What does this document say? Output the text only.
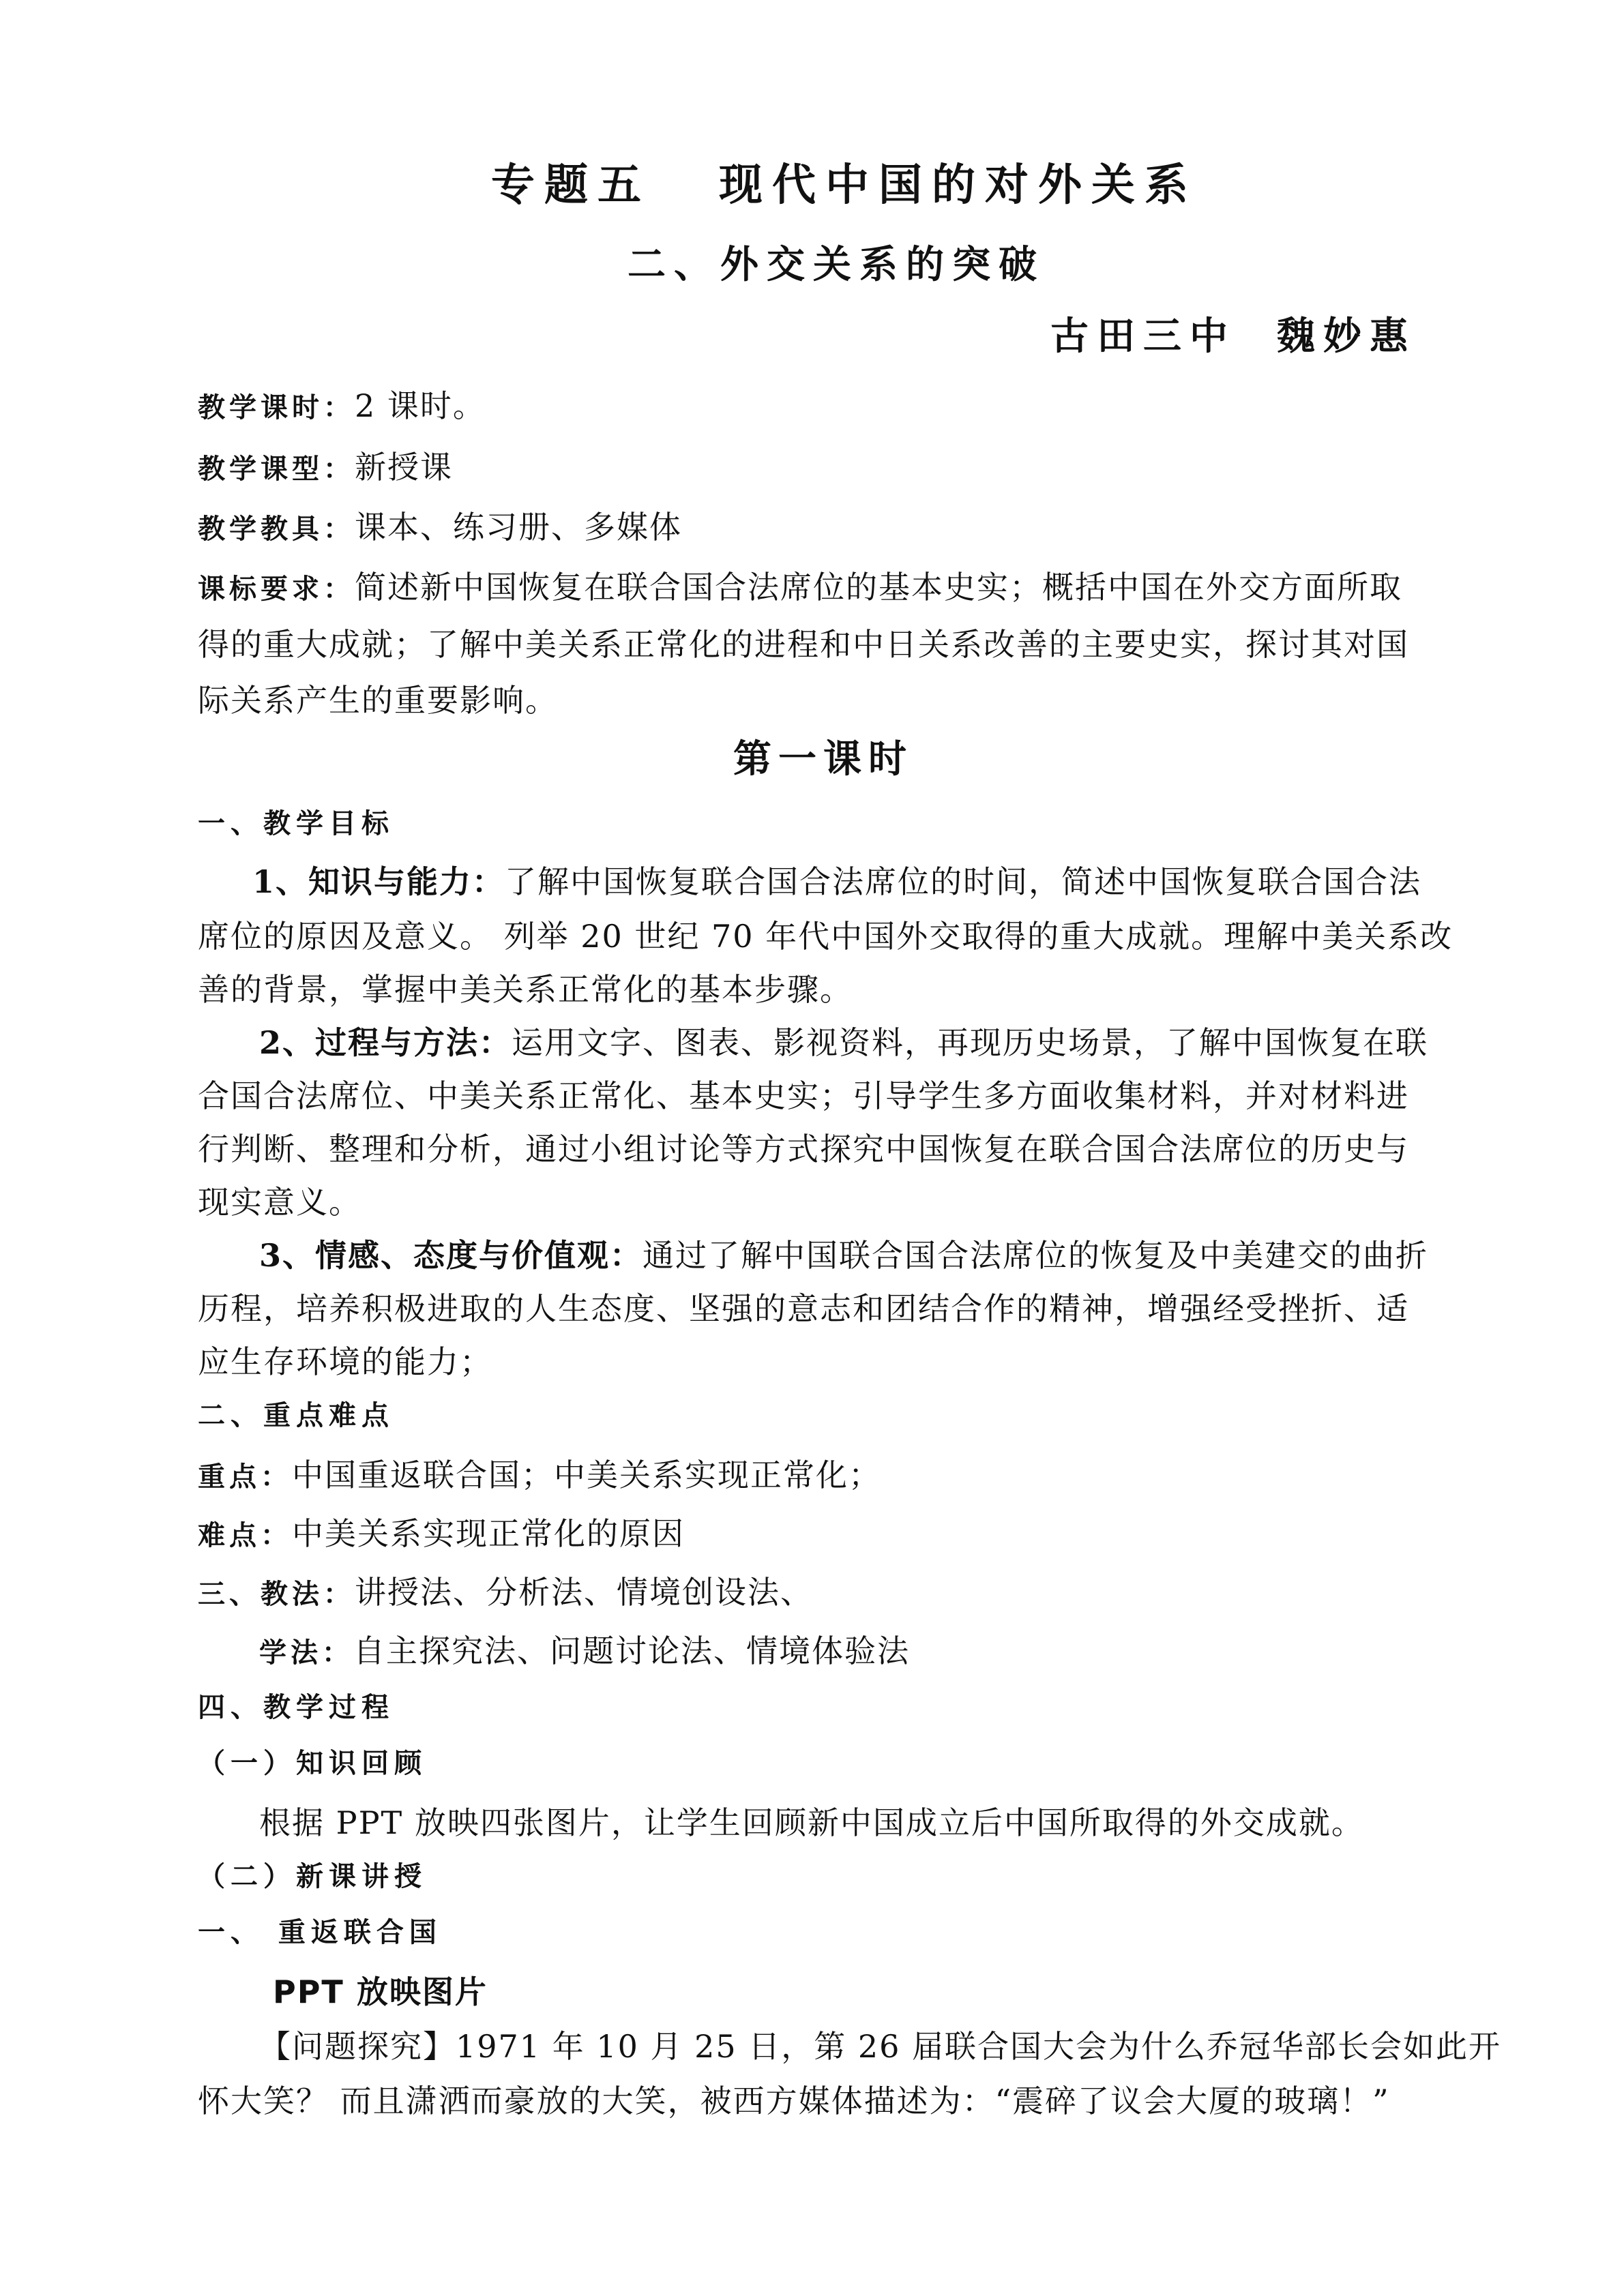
专题五 现代中国的对外关系
二、外交关系的突破
古田三中 魏妙惠
教学课时：2 课时。
教学课型：新授课
教学教具：课本、练习册、多媒体
课标要求：简述新中国恢复在联合国合法席位的基本史实；概括中国在外交方面所取
得的重大成就；了解中美关系正常化的进程和中日关系改善的主要史实，探讨其对国
际关系产生的重要影响。
第一课时
一、教学目标
1、知识与能力：了解中国恢复联合国合法席位的时间，简述中国恢复联合国合法
席位的原因及意义。 列举 20 世纪 70 年代中国外交取得的重大成就。理解中美关系改
善的背景，掌握中美关系正常化的基本步骤。
2、过程与方法：运用文字、图表、影视资料，再现历史场景，了解中国恢复在联
合国合法席位、中美关系正常化、基本史实；引导学生多方面收集材料，并对材料进
行判断、整理和分析，通过小组讨论等方式探究中国恢复在联合国合法席位的历史与
现实意义。
3、情感、态度与价值观：通过了解中国联合国合法席位的恢复及中美建交的曲折
历程，培养积极进取的人生态度、坚强的意志和团结合作的精神，增强经受挫折、适
应生存环境的能力；
二、重点难点
重点：中国重返联合国；中美关系实现正常化；
难点：中美关系实现正常化的原因
三、教法：讲授法、分析法、情境创设法、
学法：自主探究法、问题讨论法、情境体验法
四、教学过程
（一）知识回顾
根据 PPT 放映四张图片，让学生回顾新中国成立后中国所取得的外交成就。
（二）新课讲授
一、 重返联合国
PPT 放映图片
【问题探究】1971 年 10 月 25 日，第 26 届联合国大会为什么乔冠华部长会如此开
怀大笑？ 而且潇洒而豪放的大笑，被西方媒体描述为：“震碎了议会大厦的玻璃！”
